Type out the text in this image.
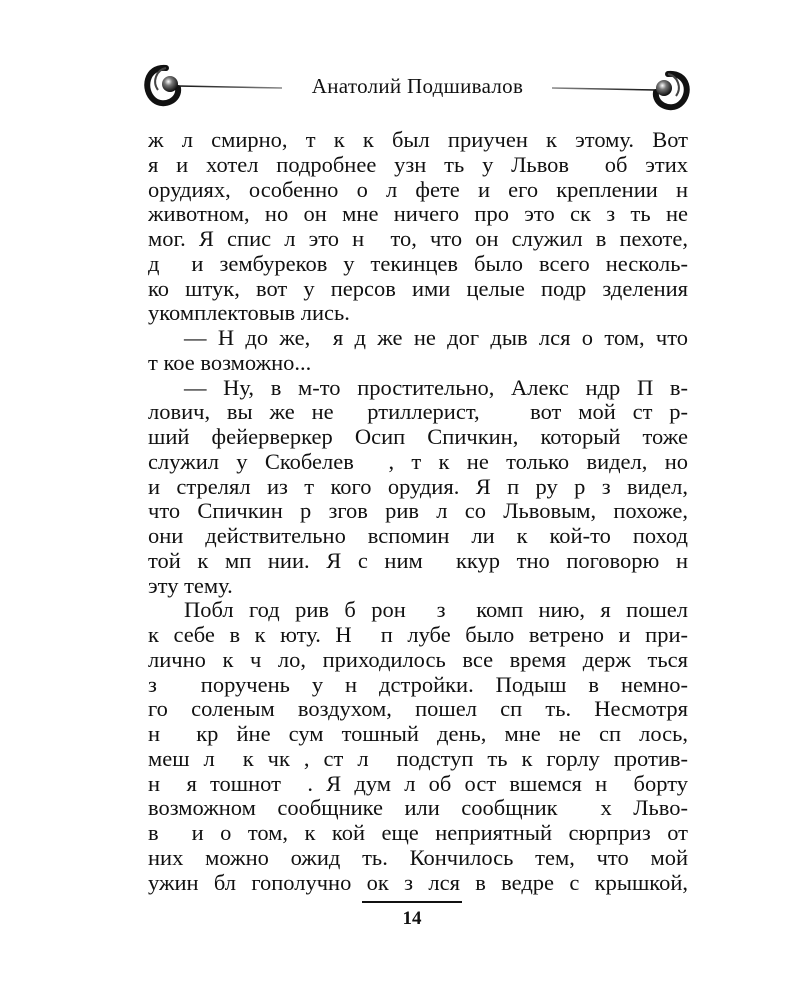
Анатолий Подшивалов
ж л смирно, т к к был приучен к этому. Вот
я и хотел подробнее узн ть у Львов  об этих
орудиях, особенно о л фете и его креплении н
животном, но он мне ничего про это ск з ть не
мог. Я спис л это н  то, что он служил в пехоте,
д  и зембуреков у текинцев было всего несколь-
ко штук, вот у персов ими целые подр зделения
укомплектовыв лись.
— Н до же,  я д же не дог дыв лся о том, что
т кое возможно...
— Ну, в м-то простительно, Алекс ндр П в-
лович, вы же не  ртиллерист,   вот мой ст р-
ший фейерверкер Осип Спичкин, который тоже
служил у Скобелев  , т к не только видел, но
и стрелял из т кого орудия. Я п ру р з видел,
что Спичкин р згов рив л со Львовым, похоже,
они действительно вспомин ли к кой-то поход
той к мп нии. Я с ним  ккур тно поговорю н
эту тему.
Побл год рив б рон  з  комп нию, я пошел
к себе в к юту. Н  п лубе было ветрено и при-
лично к ч ло, приходилось все время держ ться
з  поручень у н дстройки. Подыш в немно-
го соленым воздухом, пошел сп ть. Несмотря
н  кр йне сум тошный день, мне не сп лось,
меш л  к чк , ст л  подступ ть к горлу против-
н  я тошнот  . Я дум л об ост вшемся н  борту
возможном сообщнике или сообщник  х Льво-
в  и о том, к кой еще неприятный сюрприз от
них можно ожид ть. Кончилось тем, что мой
ужин бл гополучно ок з лся в ведре с крышкой,
14
